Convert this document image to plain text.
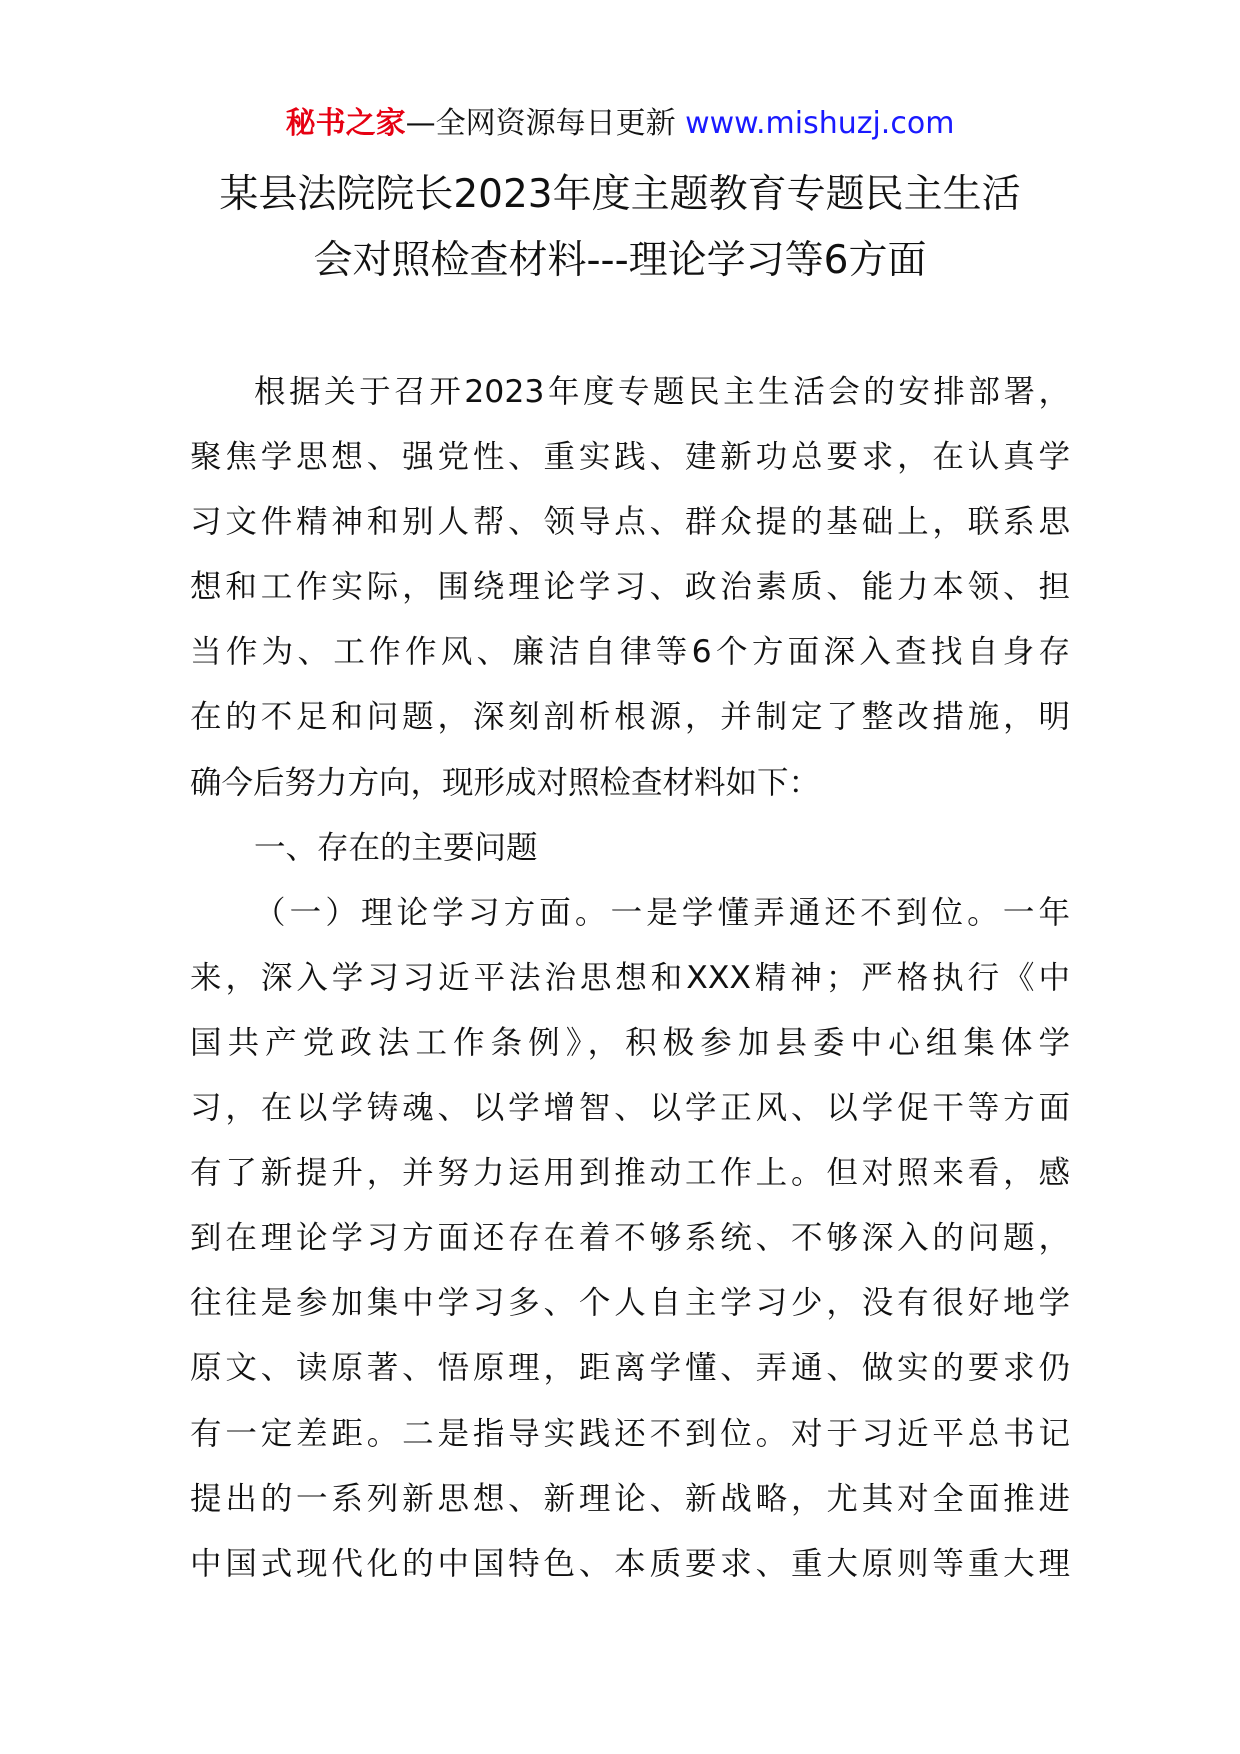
秘书之家—全网资源每日更新 www.mishuzj.com
某县法院院长2023年度主题教育专题民主生活
会对照检查材料---理论学习等6方面
根据关于召开2023年度专题民主生活会的安排部署，
聚焦学思想、强党性、重实践、建新功总要求，在认真学
习文件精神和别人帮、领导点、群众提的基础上，联系思
想和工作实际，围绕理论学习、政治素质、能力本领、担
当作为、工作作风、廉洁自律等6个方面深入查找自身存
在的不足和问题，深刻剖析根源，并制定了整改措施，明
确今后努力方向，现形成对照检查材料如下：
一、存在的主要问题
（一）理论学习方面。一是学懂弄通还不到位。一年
来，深入学习习近平法治思想和XXX精神；严格执行《中
国共产党政法工作条例》，积极参加县委中心组集体学
习，在以学铸魂、以学增智、以学正风、以学促干等方面
有了新提升，并努力运用到推动工作上。但对照来看，感
到在理论学习方面还存在着不够系统、不够深入的问题，
往往是参加集中学习多、个人自主学习少，没有很好地学
原文、读原著、悟原理，距离学懂、弄通、做实的要求仍
有一定差距。二是指导实践还不到位。对于习近平总书记
提出的一系列新思想、新理论、新战略，尤其对全面推进
中国式现代化的中国特色、本质要求、重大原则等重大理
